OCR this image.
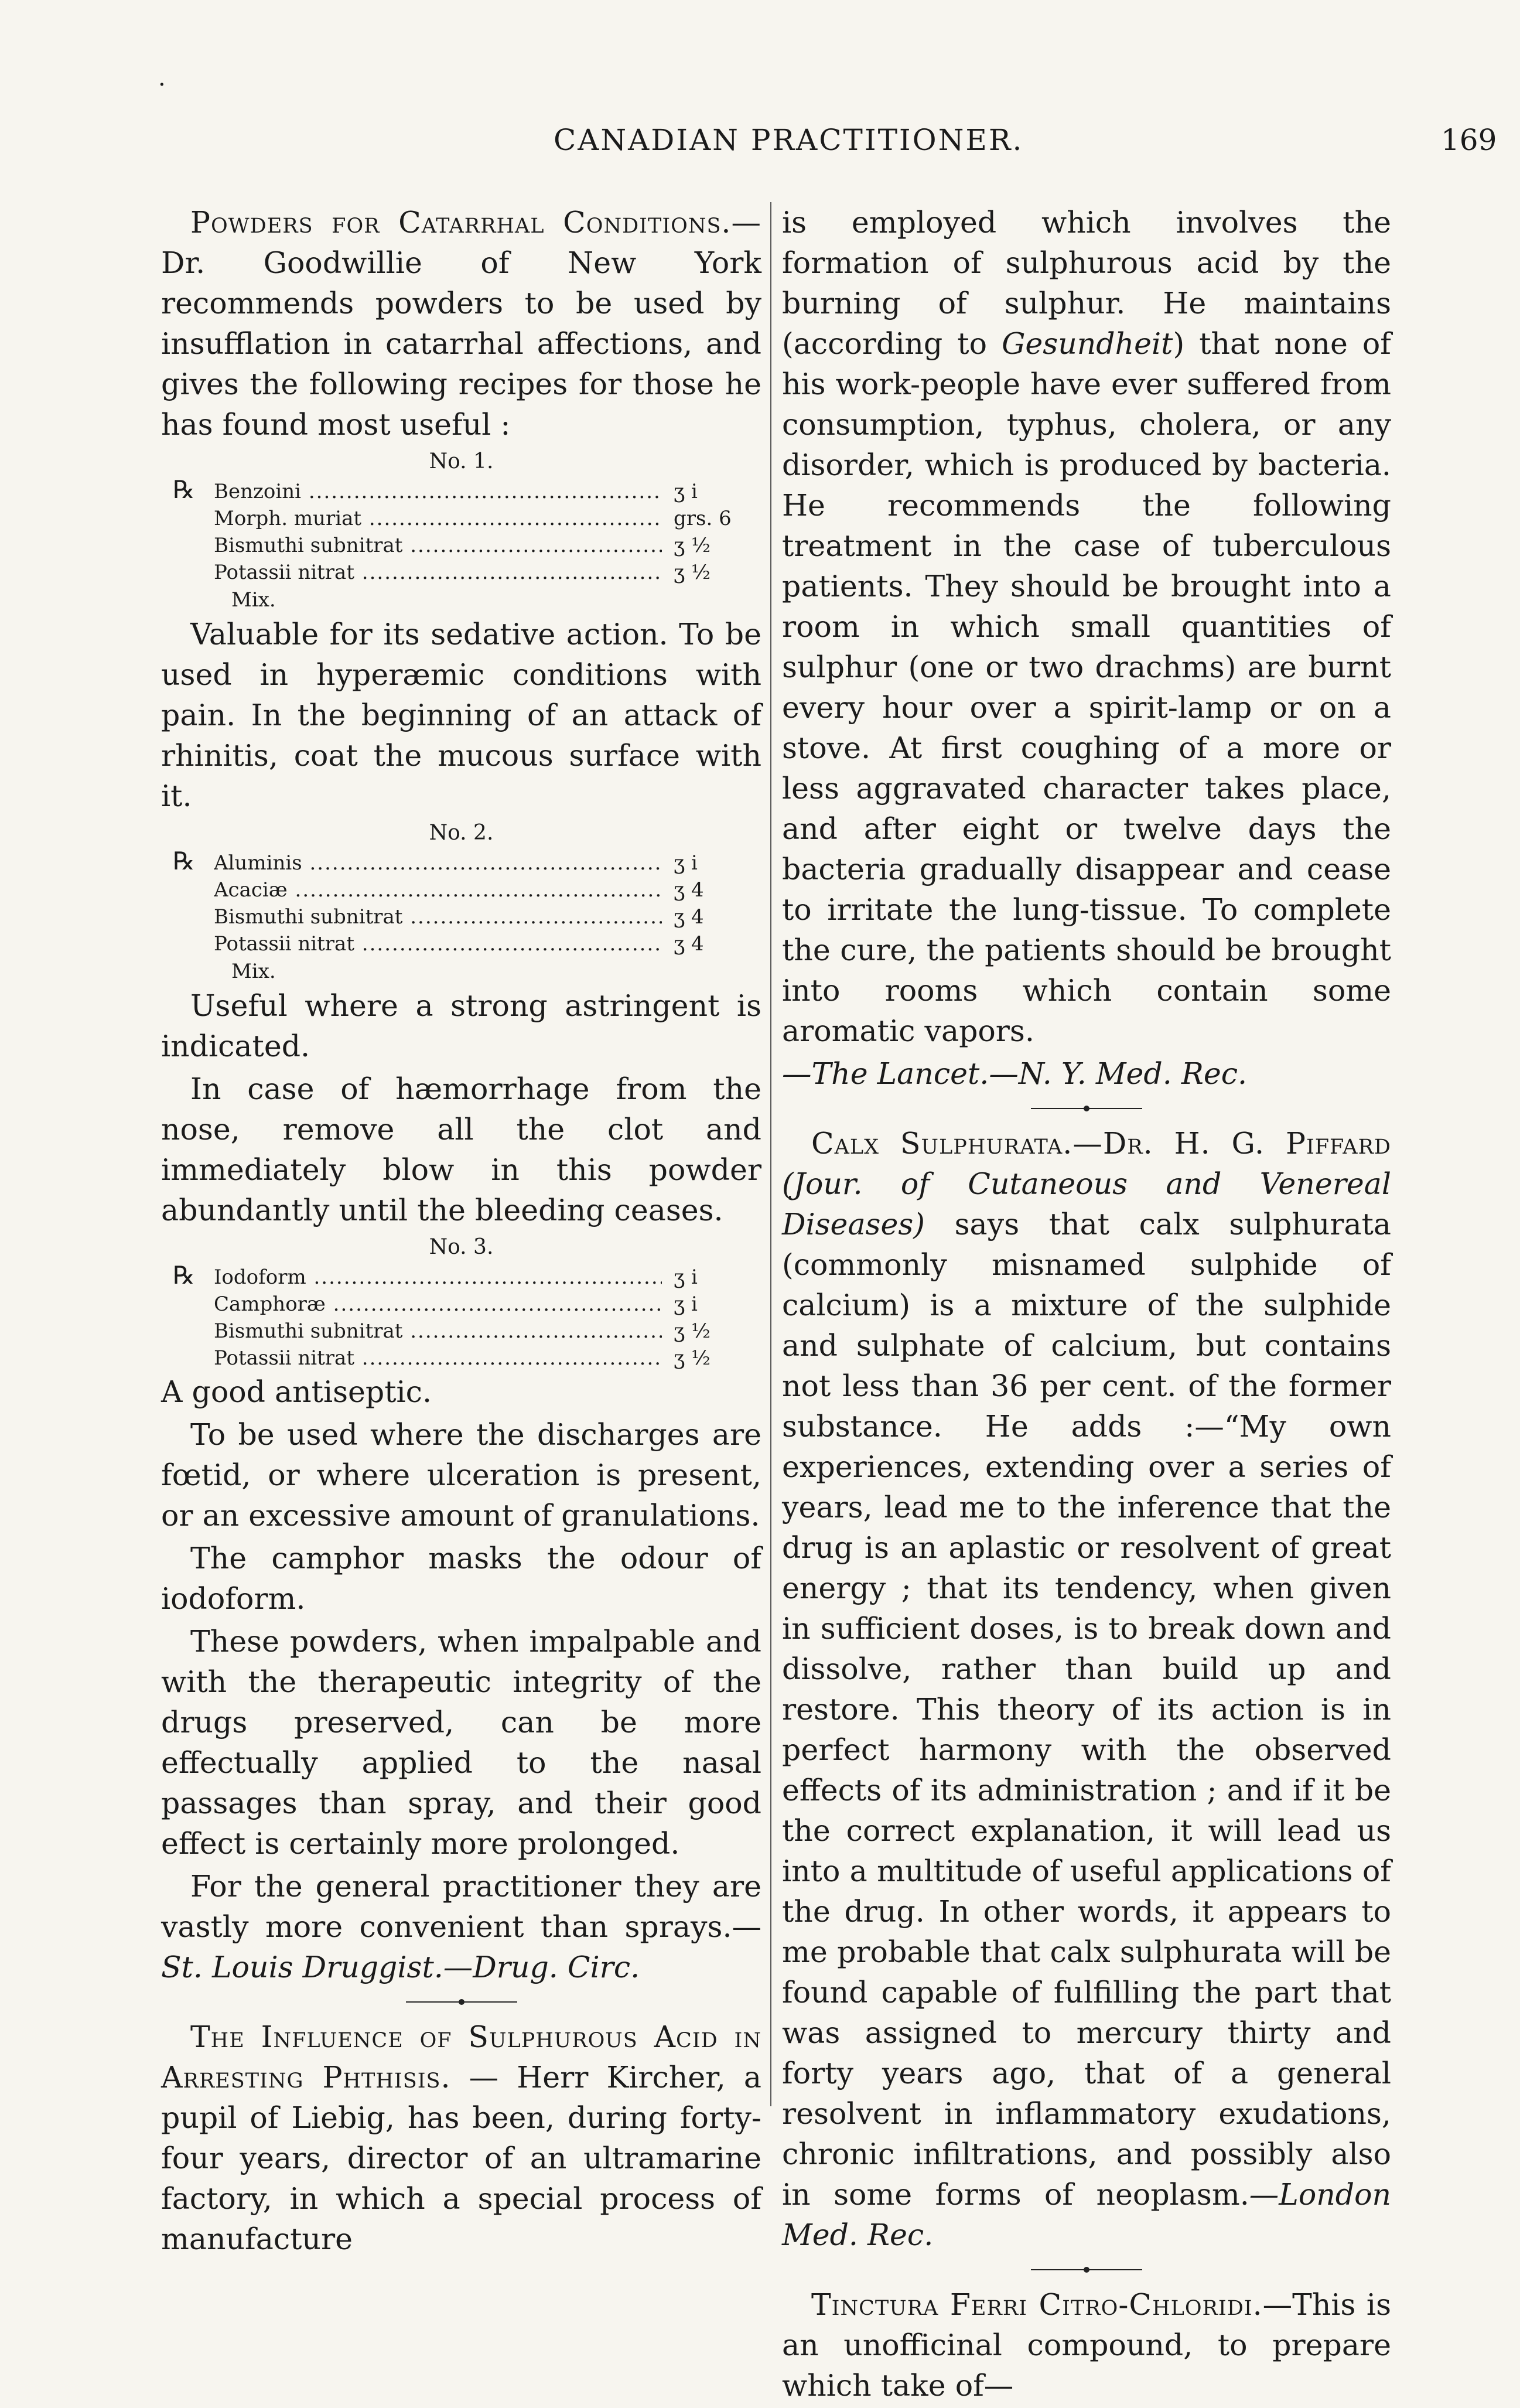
.
CANADIAN PRACTITIONER.	169

Powders for Catarrhal Conditions.— Dr. Goodwillie of New York recommends powders to be used by insufflation in catarrhal affections, and gives the following recipes for those he has found most useful :

No. 1.

℞ Benzoini .....	ʒ i
Morph. muriat .....	grs. 6
Bismuthi subnitrat .....	ʒ ½
Potassii nitrat .....	ʒ ½
Mix.

Valuable for its sedative action. To be used in hyperæmic conditions with pain. In the beginning of an attack of rhinitis, coat the mucous surface with it.

No. 2.

℞ Aluminis .....	ʒ i
Acaciæ .....	ʒ 4
Bismuthi subnitrat .....	ʒ 4
Potassii nitrat .....	ʒ 4
Mix.

Useful where a strong astringent is indicated.

In case of hæmorrhage from the nose, remove all the clot and immediately blow in this powder abundantly until the bleeding ceases.

No. 3.

℞ Iodoform .....	ʒ i
Camphoræ .....	ʒ i
Bismuthi subnitrat .....	ʒ ½
Potassii nitrat .....	ʒ ½

A good antiseptic.

To be used where the discharges are fœtid, or where ulceration is present, or an excessive amount of granulations.

The camphor masks the odour of iodoform.

These powders, when impalpable and with the therapeutic integrity of the drugs preserved, can be more effectually applied to the nasal passages than spray, and their good effect is certainly more prolonged.

For the general practitioner they are vastly more convenient than sprays.—St. Louis Druggist.—Drug. Circ.

The Influence of Sulphurous Acid in Arresting Phthisis. — Herr Kircher, a pupil of Liebig, has been, during forty-four years, director of an ultramarine factory, in which a special process of manufacture

is employed which involves the formation of sulphurous acid by the burning of sulphur. He maintains (according to Gesundheit) that none of his work-people have ever suffered from consumption, typhus, cholera, or any disorder, which is produced by bacteria. He recommends the following treatment in the case of tuberculous patients. They should be brought into a room in which small quantities of sulphur (one or two drachms) are burnt every hour over a spirit-lamp or on a stove. At first coughing of a more or less aggravated character takes place, and after eight or twelve days the bacteria gradually disappear and cease to irritate the lung-tissue. To complete the cure, the patients should be brought into rooms which contain some aromatic vapors.

—The Lancet.—N. Y. Med. Rec.

Calx Sulphurata.—Dr. H. G. Piffard (Jour. of Cutaneous and Venereal Diseases) says that calx sulphurata (commonly misnamed sulphide of calcium) is a mixture of the sulphide and sulphate of calcium, but contains not less than 36 per cent. of the former substance. He adds :—“My own experiences, extending over a series of years, lead me to the inference that the drug is an aplastic or resolvent of great energy ; that its tendency, when given in sufficient doses, is to break down and dissolve, rather than build up and restore. This theory of its action is in perfect harmony with the observed effects of its administration ; and if it be the correct explanation, it will lead us into a multitude of useful applications of the drug. In other words, it appears to me probable that calx sulphurata will be found capable of fulfilling the part that was assigned to mercury thirty and forty years ago, that of a general resolvent in inflammatory exudations, chronic infiltrations, and possibly also in some forms of neoplasm.—London Med. Rec.

Tinctura Ferri Citro-Chloridi.—This is an unofficinal compound, to prepare which take of—
